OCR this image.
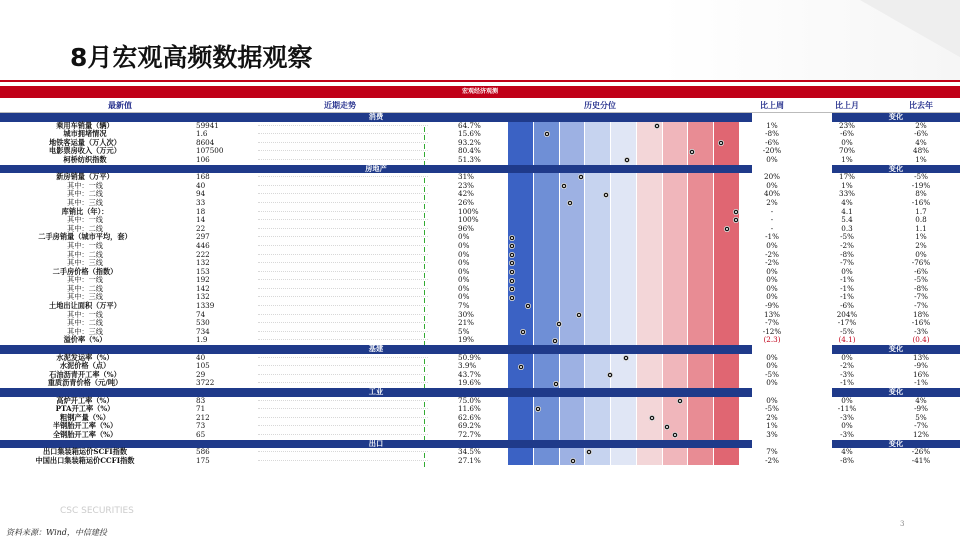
8月宏观高频数据观察
宏观经济观测
最新值	近期走势	历史分位	比上周	比上月	比去年
消费	变化
乘用车销量（辆）	59941	64.7%	1%	23%	2%
城市拥堵情况	1.6	15.6%	-8%	-6%	-6%
地铁客运量（万人次）	8604	93.2%	-6%	0%	4%
电影票房收入（万元）	107500	80.4%	-20%	70%	48%
柯桥纺织指数	106	51.3%	0%	1%	1%
房地产	变化
新房销量（万平）	168	31%	20%	17%	-5%
其中：一线	40	23%	0%	1%	-19%
其中：二线	94	42%	40%	33%	8%
其中：三线	33	26%	2%	4%	-16%
库销比（年）：	18	100%	-	4.1	1.7
其中：一线	14	100%	-	5.4	0.8
其中：二线	22	96%	-	0.3	1.1
二手房销量（城市平均，套）	297	0%	-1%	-5%	1%
其中：一线	446	0%	0%	-2%	2%
其中：二线	222	0%	-2%	-8%	0%
其中：三线	132	0%	-2%	-7%	-76%
二手房价格（指数）	153	0%	0%	0%	-6%
其中：一线	192	0%	0%	-1%	-5%
其中：二线	142	0%	0%	-1%	-8%
其中：三线	132	0%	0%	-1%	-7%
土地出让面积（万平）	1339	7%	-9%	-6%	-7%
其中：一线	74	30%	13%	204%	18%
其中：二线	530	21%	-7%	-17%	-16%
其中：三线	734	5%	-12%	-5%	-3%
溢价率（%）	1.9	19%	(2.3)	(4.1)	(0.4)
基建	变化
水泥发运率（%）	40	50.9%	0%	0%	13%
水泥价格（点）	105	3.9%	0%	-2%	-9%
石油沥青开工率（%）	29	43.7%	-5%	-3%	16%
重质沥青价格（元/吨）	3722	19.6%	0%	-1%	-1%
工业	变化
高炉开工率（%）	83	75.0%	0%	0%	4%
PTA开工率（%）	71	11.6%	-5%	-11%	-9%
粗钢产量（%）	212	62.6%	2%	-3%	5%
半钢胎开工率（%）	73	69.2%	1%	0%	-7%
全钢胎开工率（%）	65	72.7%	3%	-3%	12%
出口	变化
出口集装箱运价SCFI指数	586	34.5%	7%	4%	-26%
中国出口集装箱运价CCFI指数	175	27.1%	-2%	-8%	-41%
CSC SECURITIES
3
资料来源：Wind，中信建投
